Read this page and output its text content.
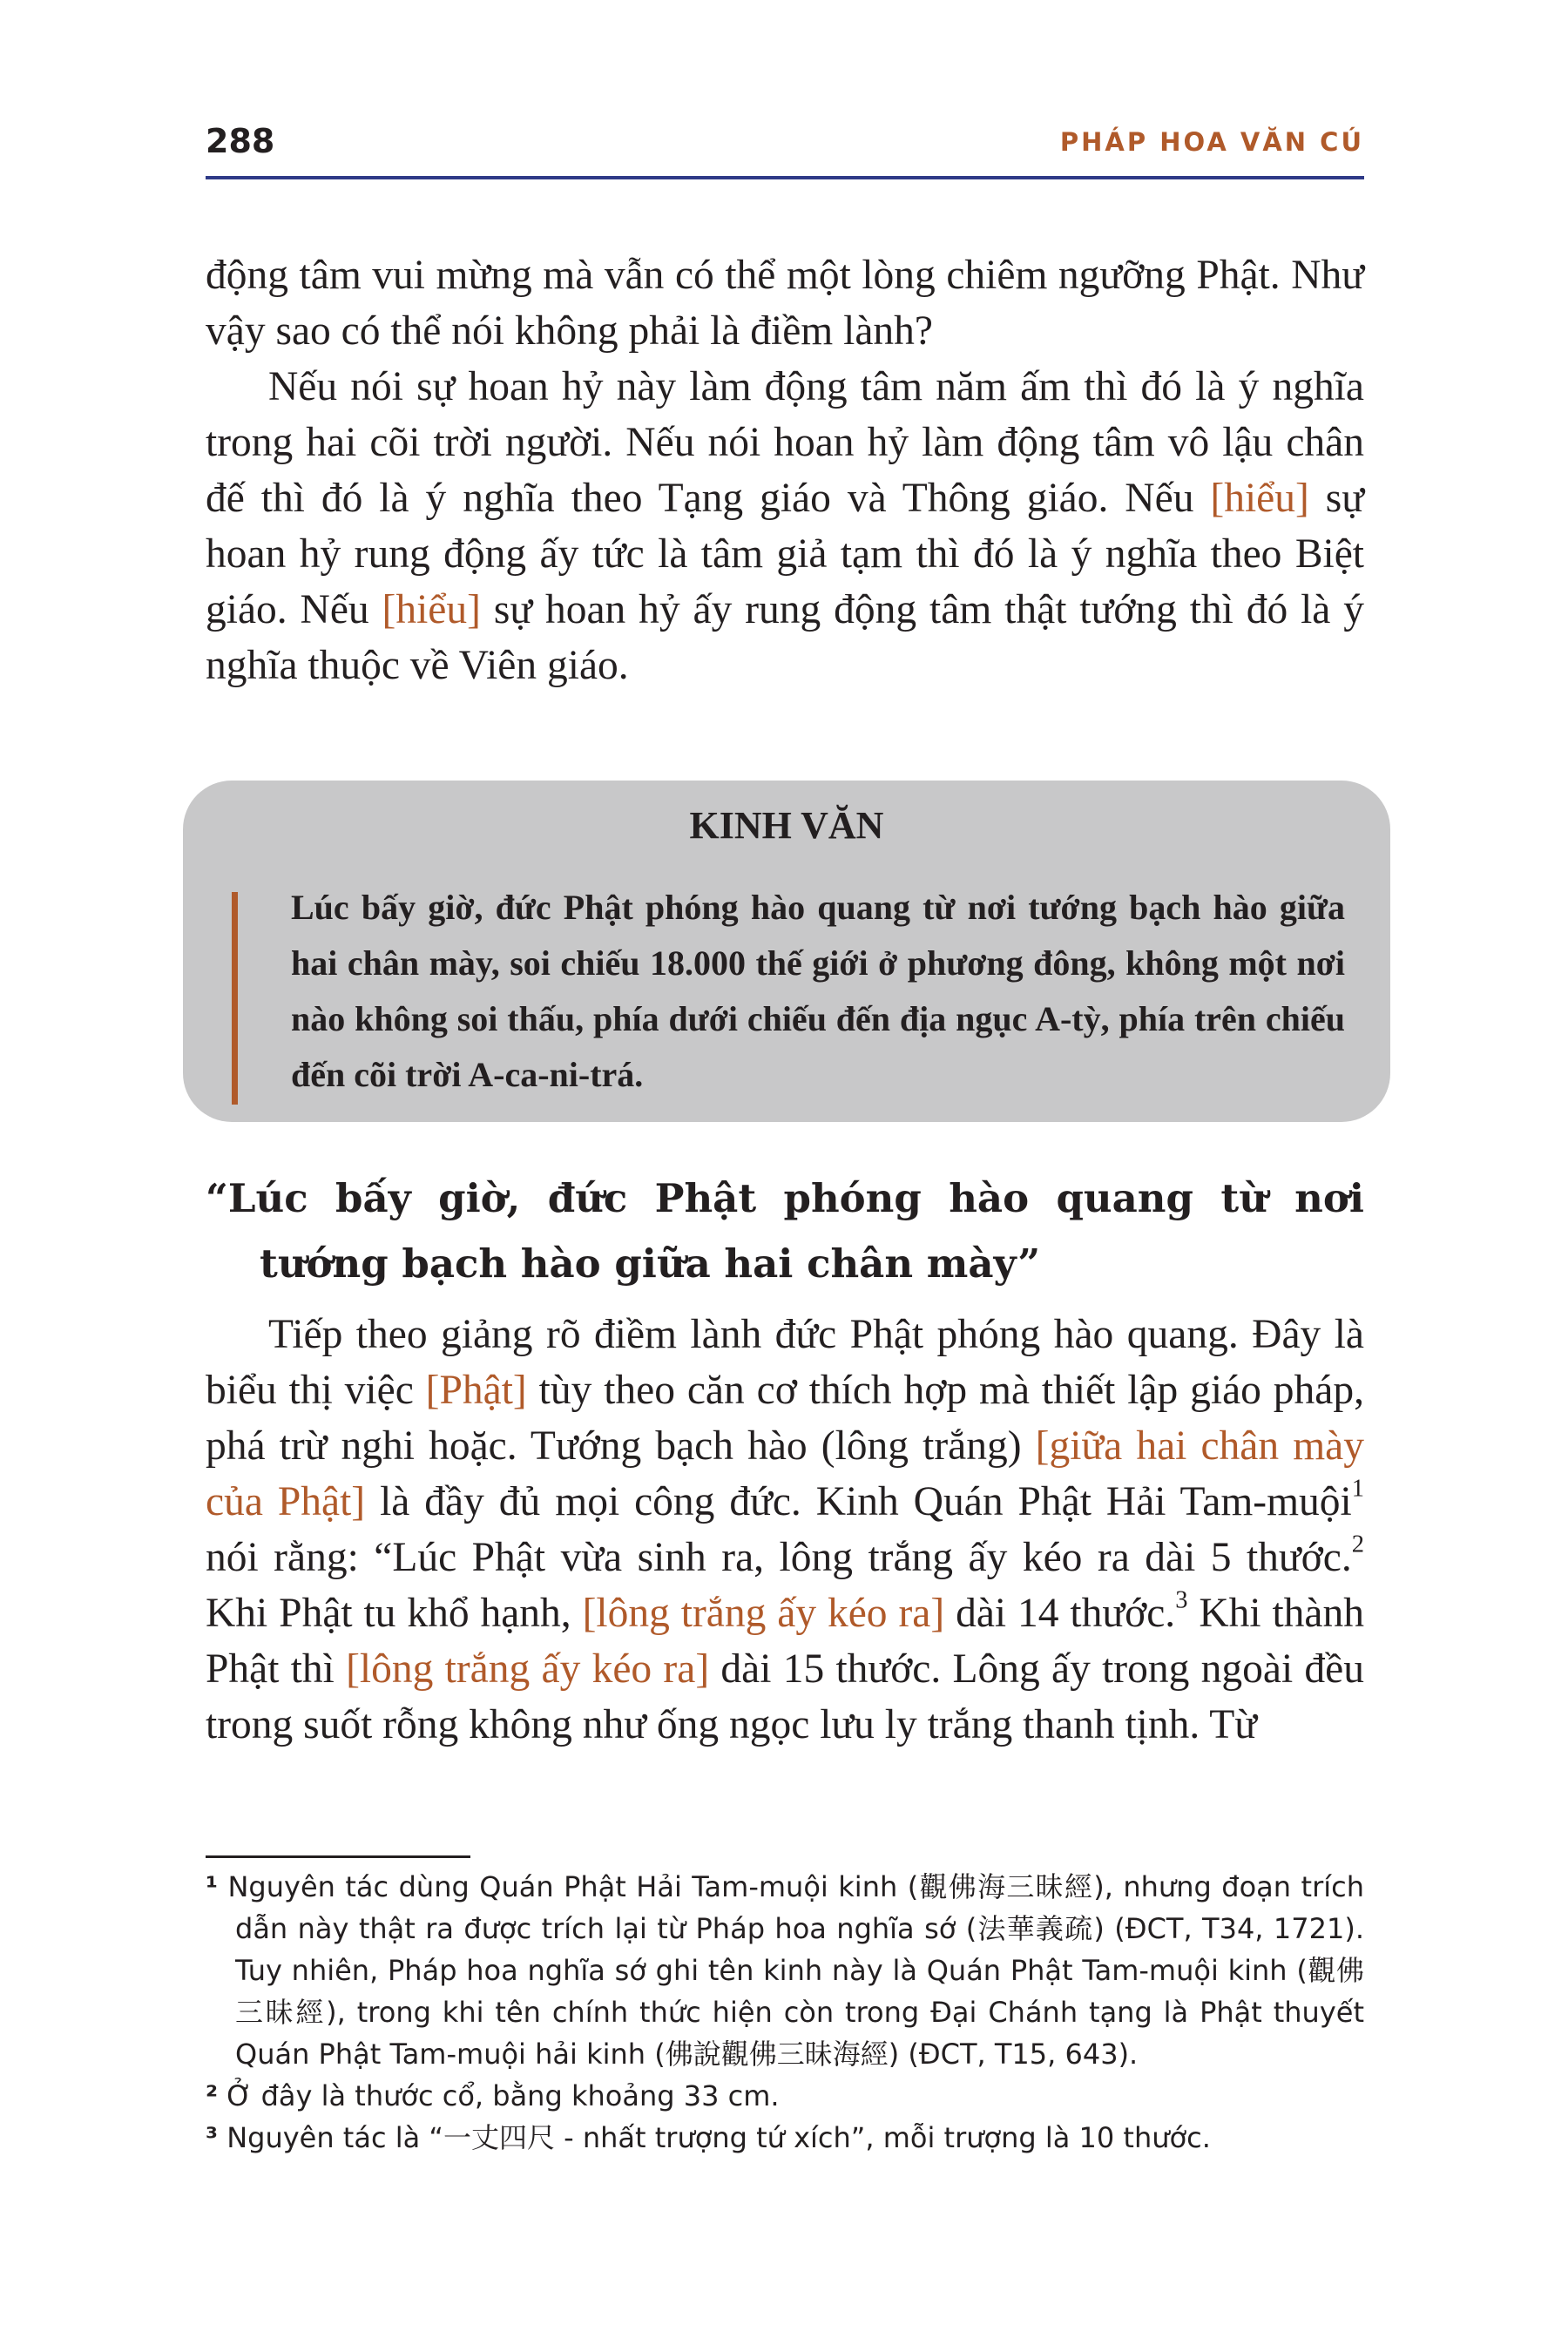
288	PHÁP HOA VĂN CÚ

động tâm vui mừng mà vẫn có thể một lòng chiêm ngưỡng Phật. Như vậy sao có thể nói không phải là điềm lành?

Nếu nói sự hoan hỷ này làm động tâm năm ấm thì đó là ý nghĩa trong hai cõi trời người. Nếu nói hoan hỷ làm động tâm vô lậu chân đế thì đó là ý nghĩa theo Tạng giáo và Thông giáo. Nếu [hiểu] sự hoan hỷ rung động ấy tức là tâm giả tạm thì đó là ý nghĩa theo Biệt giáo. Nếu [hiểu] sự hoan hỷ ấy rung động tâm thật tướng thì đó là ý nghĩa thuộc về Viên giáo.

KINH VĂN
Lúc bấy giờ, đức Phật phóng hào quang từ nơi tướng bạch hào giữa hai chân mày, soi chiếu 18.000 thế giới ở phương đông, không một nơi nào không soi thấu, phía dưới chiếu đến địa ngục A-tỳ, phía trên chiếu đến cõi trời A-ca-ni-trá.
“Lúc bấy giờ, đức Phật phóng hào quang từ nơi tướng bạch hào giữa hai chân mày”

Tiếp theo giảng rõ điềm lành đức Phật phóng hào quang. Đây là biểu thị việc [Phật] tùy theo căn cơ thích hợp mà thiết lập giáo pháp, phá trừ nghi hoặc. Tướng bạch hào (lông trắng) [giữa hai chân mày của Phật] là đầy đủ mọi công đức. Kinh Quán Phật Hải Tam-muội$^1$ nói rằng: “Lúc Phật vừa sinh ra, lông trắng ấy kéo ra dài 5 thước.$^2$ Khi Phật tu khổ hạnh, [lông trắng ấy kéo ra] dài 14 thước.$^3$ Khi thành Phật thì [lông trắng ấy kéo ra] dài 15 thước. Lông ấy trong ngoài đều trong suốt rỗng không như ống ngọc lưu ly trắng thanh tịnh. Từ

¹ Nguyên tác dùng Quán Phật Hải Tam-muội kinh (觀佛海三昧經), nhưng đoạn trích dẫn này thật ra được trích lại từ Pháp hoa nghĩa sớ (法華義疏) (ĐCT, T34, 1721). Tuy nhiên, Pháp hoa nghĩa sớ ghi tên kinh này là Quán Phật Tam-muội kinh (觀佛三昧經), trong khi tên chính thức hiện còn trong Đại Chánh tạng là Phật thuyết Quán Phật Tam-muội hải kinh (佛說觀佛三昧海經) (ĐCT, T15, 643).

² Ở đây là thước cổ, bằng khoảng 33 cm.

³ Nguyên tác là “一丈四尺 - nhất trượng tứ xích”, mỗi trượng là 10 thước.
